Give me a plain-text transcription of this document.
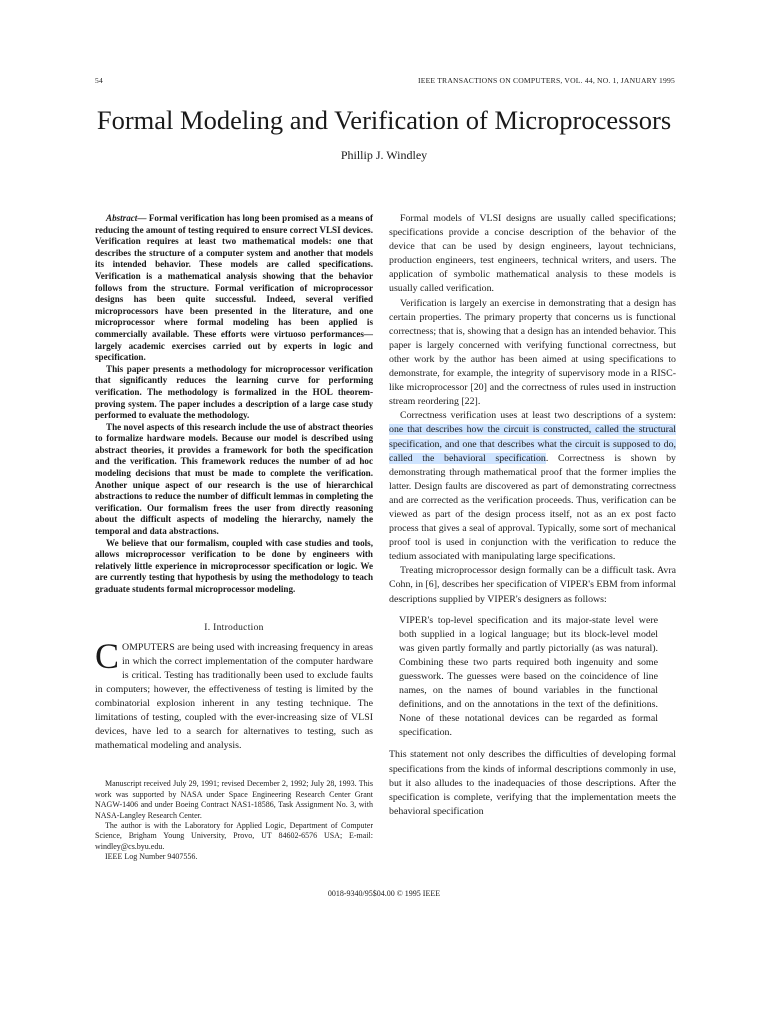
54	IEEE TRANSACTIONS ON COMPUTERS, VOL. 44, NO. 1, JANUARY 1995
Formal Modeling and Verification of Microprocessors
Phillip J. Windley

Abstract— Formal verification has long been promised as a means of reducing the amount of testing required to ensure correct VLSI devices. Verification requires at least two mathematical models: one that describes the structure of a computer system and another that models its intended behavior. These models are called specifications. Verification is a mathematical analysis showing that the behavior follows from the structure. Formal verification of microprocessor designs has been quite successful. Indeed, several verified microprocessors have been presented in the literature, and one microprocessor where formal modeling has been applied is commercially available. These efforts were virtuoso performances—largely academic exercises carried out by experts in logic and specification.

This paper presents a methodology for microprocessor verification that significantly reduces the learning curve for performing verification. The methodology is formalized in the HOL theorem-proving system. The paper includes a description of a large case study performed to evaluate the methodology.

The novel aspects of this research include the use of abstract theories to formalize hardware models. Because our model is described using abstract theories, it provides a framework for both the specification and the verification. This framework reduces the number of ad hoc modeling decisions that must be made to complete the verification. Another unique aspect of our research is the use of hierarchical abstractions to reduce the number of difficult lemmas in completing the verification. Our formalism frees the user from directly reasoning about the difficult aspects of modeling the hierarchy, namely the temporal and data abstractions.

We believe that our formalism, coupled with case studies and tools, allows microprocessor verification to be done by engineers with relatively little experience in microprocessor specification or logic. We are currently testing that hypothesis by using the methodology to teach graduate students formal microprocessor modeling.

I. Introduction

COMPUTERS are being used with increasing frequency in areas in which the correct implementation of the computer hardware is critical. Testing has traditionally been used to exclude faults in computers; however, the effectiveness of testing is limited by the combinatorial explosion inherent in any testing technique. The limitations of testing, coupled with the ever-increasing size of VLSI devices, have led to a search for alternatives to testing, such as mathematical modeling and analysis.

Manuscript received July 29, 1991; revised December 2, 1992; July 28, 1993. This work was supported by NASA under Space Engineering Research Center Grant NAGW-1406 and under Boeing Contract NAS1-18586, Task Assignment No. 3, with NASA-Langley Research Center.

The author is with the Laboratory for Applied Logic, Department of Computer Science, Brigham Young University, Provo, UT 84602-6576 USA; E-mail: windley@cs.byu.edu.

IEEE Log Number 9407556.

Formal models of VLSI designs are usually called specifications; specifications provide a concise description of the behavior of the device that can be used by design engineers, layout technicians, production engineers, test engineers, technical writers, and users. The application of symbolic mathematical analysis to these models is usually called verification.

Verification is largely an exercise in demonstrating that a design has certain properties. The primary property that concerns us is functional correctness; that is, showing that a design has an intended behavior. This paper is largely concerned with verifying functional correctness, but other work by the author has been aimed at using specifications to demonstrate, for example, the integrity of supervisory mode in a RISC-like microprocessor [20] and the correctness of rules used in instruction stream reordering [22].

Correctness verification uses at least two descriptions of a system: one that describes how the circuit is constructed, called the structural specification, and one that describes what the circuit is supposed to do, called the behavioral specification. Correctness is shown by demonstrating through mathematical proof that the former implies the latter. Design faults are discovered as part of demonstrating correctness and are corrected as the verification proceeds. Thus, verification can be viewed as part of the design process itself, not as an ex post facto process that gives a seal of approval. Typically, some sort of mechanical proof tool is used in conjunction with the verification to reduce the tedium associated with manipulating large specifications.

Treating microprocessor design formally can be a difficult task. Avra Cohn, in [6], describes her specification of VIPER's EBM from informal descriptions supplied by VIPER's designers as follows:

VIPER's top-level specification and its major-state level were both supplied in a logical language; but its block-level model was given partly formally and partly pictorially (as was natural). Combining these two parts required both ingenuity and some guesswork. The guesses were based on the coincidence of line names, on the names of bound variables in the functional definitions, and on the annotations in the text of the definitions. None of these notational devices can be regarded as formal specification.

This statement not only describes the difficulties of developing formal specifications from the kinds of informal descriptions commonly in use, but it also alludes to the inadequacies of those descriptions. After the specification is complete, verifying that the implementation meets the behavioral specification

0018-9340/95$04.00 © 1995 IEEE
